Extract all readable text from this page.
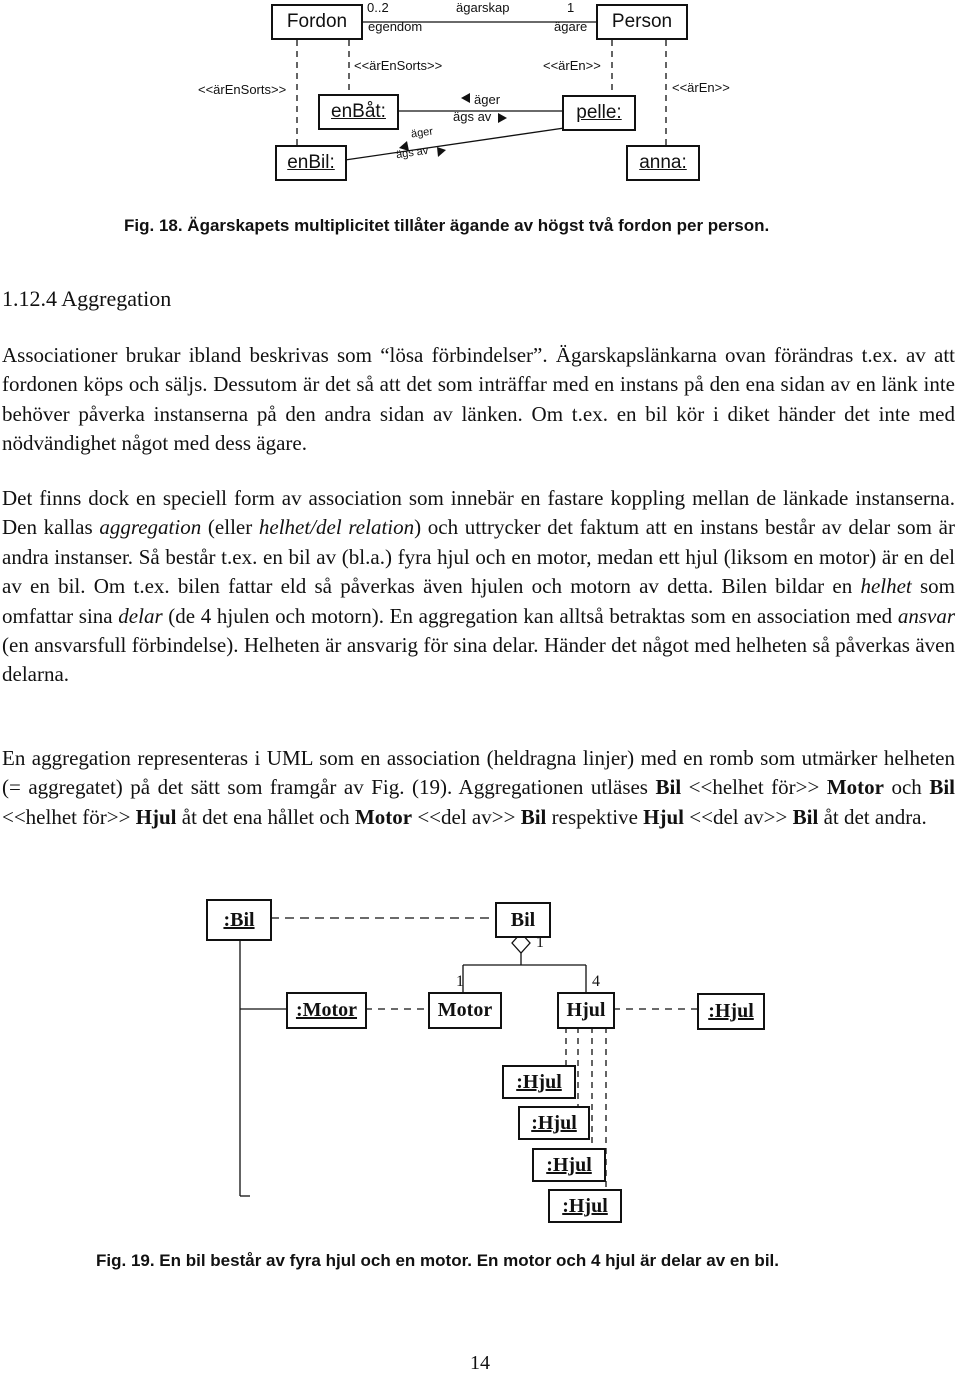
Fordon	Person
0..2
egendom
ägarskap	1
ägare
<<ärEnSorts>>
<<ärEnSorts>>	<<ärEn>>
<<ärEn>>
enBåt:	pelle:
enBil:	anna:
äger
ägs av
äger
ägs av
Fig. 18. Ägarskapets multiplicitet tillåter ägande av högst två fordon per person.
1.12.4 Aggregation
Associationer brukar ibland beskrivas som “lösa förbindelser”. Ägarskapslänkarna ovan förändras t.ex. av att fordonen köps och säljs. Dessutom är det så att det som inträffar med en instans på den ena sidan av en länk inte behöver påverka instanserna på den andra sidan av länken. Om t.ex. en bil kör i diket händer det inte med nödvändighet något med dess ägare.
Det finns dock en speciell form av association som innebär en fastare koppling mellan de länkade instanserna. Den kallas aggregation (eller helhet/del relation) och uttrycker det faktum att en instans består av delar som är andra instanser. Så består t.ex. en bil av (bl.a.) fyra hjul och en motor, medan ett hjul (liksom en motor) är en del av en bil. Om t.ex. bilen fattar eld så påverkas även hjulen och motorn av detta. Bilen bildar en helhet som omfattar sina delar (de 4 hjulen och motorn). En aggregation kan alltså betraktas som en association med ansvar (en ansvarsfull förbindelse). Helheten är ansvarig för sina delar. Händer det något med helheten så påverkas även delarna.
En aggregation representeras i UML som en association (heldragna linjer) med en romb som utmärker helheten (= aggregatet) på det sätt som framgår av Fig. (19). Aggregationen utläses Bil <<helhet för>> Motor och Bil <<helhet för>> Hjul åt det ena hållet och Motor <<del av>> Bil respektive Hjul <<del av>> Bil åt det andra.
:Bil	Bil
1
:Motor	Motor
1
Hjul
4
:Hjul
:Hjul
:Hjul
:Hjul
:Hjul
Fig. 19. En bil består av fyra hjul och en motor. En motor och 4 hjul är delar av en bil.
14
